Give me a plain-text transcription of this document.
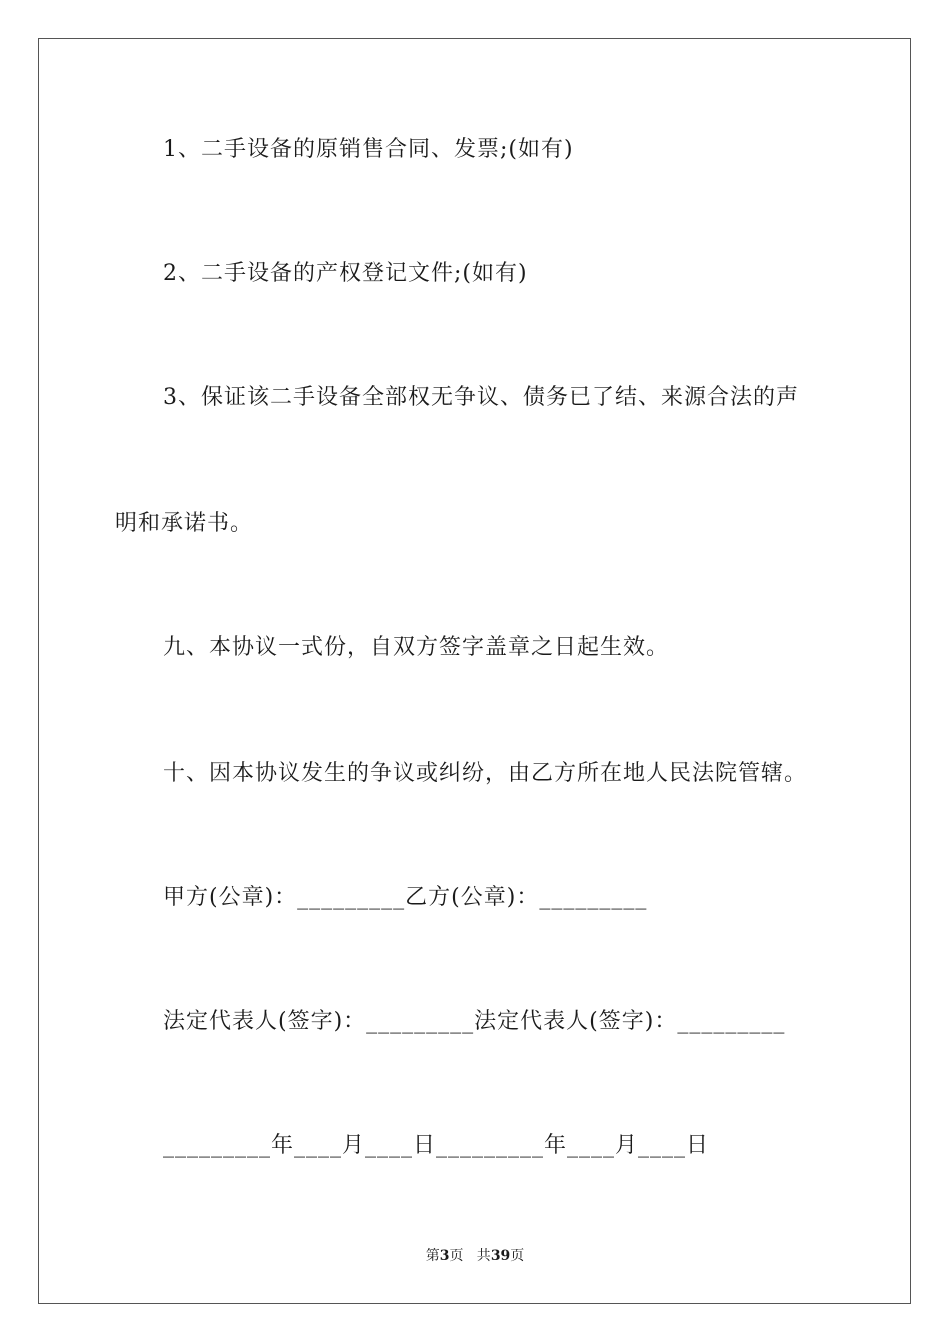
1、二手设备的原销售合同、发票;(如有)
2、二手设备的产权登记文件;(如有)
3、保证该二手设备全部权无争议、债务已了结、来源合法的声
明和承诺书。
九、本协议一式份，自双方签字盖章之日起生效。
十、因本协议发生的争议或纠纷，由乙方所在地人民法院管辖。
甲方(公章)：_________乙方(公章)：_________
法定代表人(签字)：_________法定代表人(签字)：_________
_________年____月____日_________年____月____日
第3页   共39页
